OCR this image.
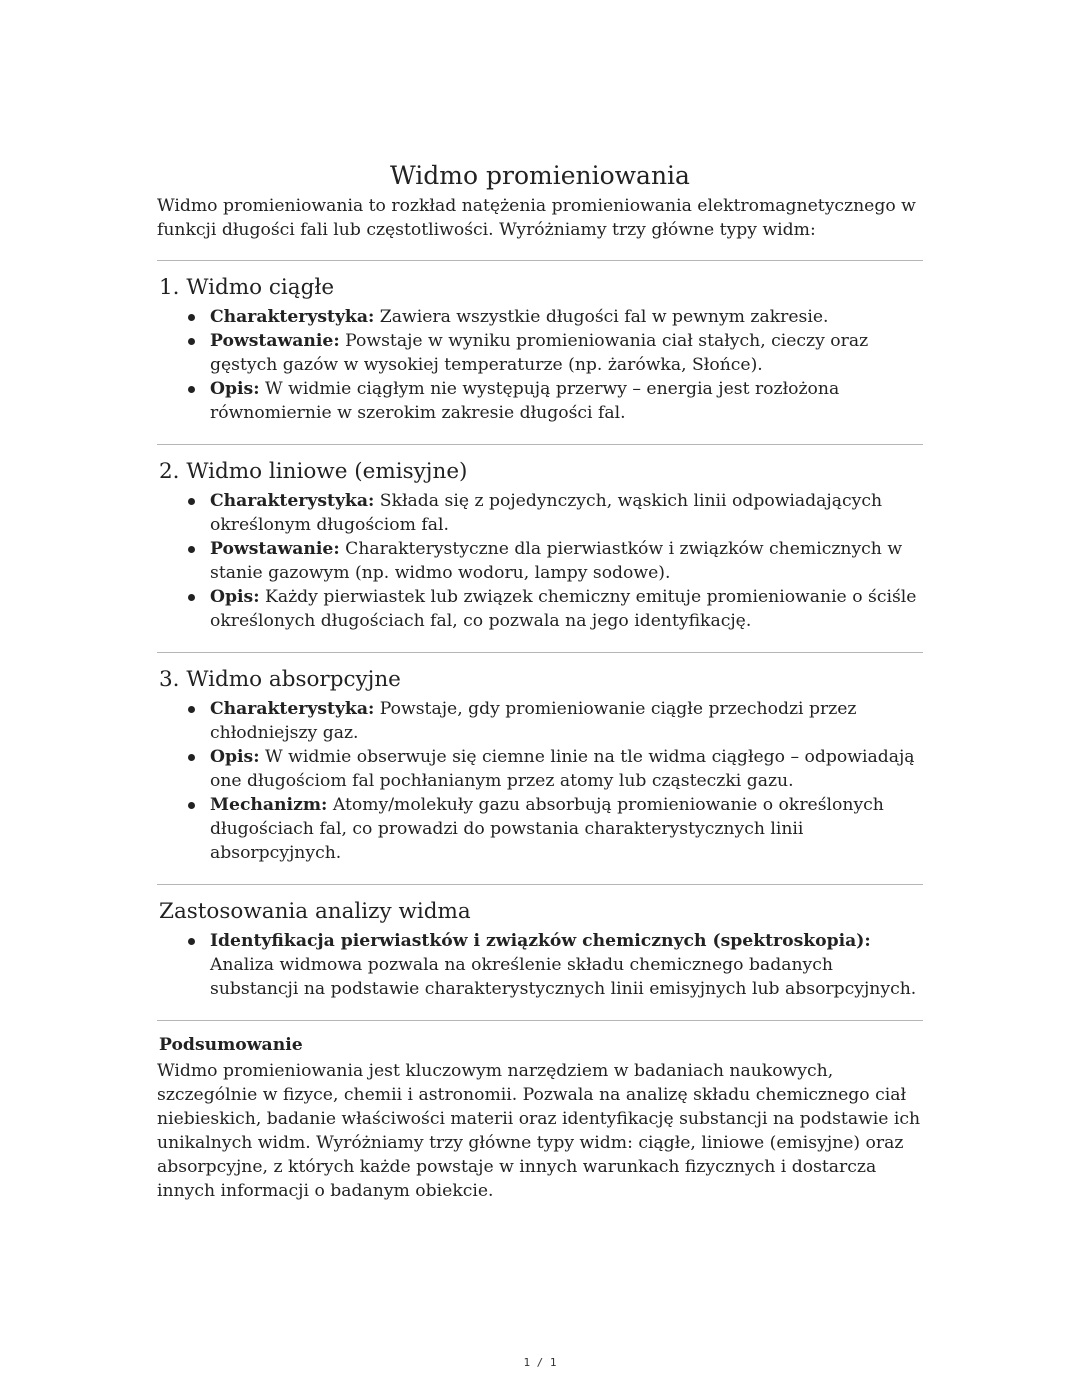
Widmo promieniowania

Widmo promieniowania to rozkład natężenia promieniowania elektromagnetycznego w funkcji długości fali lub częstotliwości. Wyróżniamy trzy główne typy widm:

1. Widmo ciągłe
Charakterystyka: Zawiera wszystkie długości fal w pewnym zakresie.
Powstawanie: Powstaje w wyniku promieniowania ciał stałych, cieczy oraz gęstych gazów w wysokiej temperaturze (np. żarówka, Słońce).
Opis: W widmie ciągłym nie występują przerwy – energia jest rozłożona równomiernie w szerokim zakresie długości fal.
2. Widmo liniowe (emisyjne)
Charakterystyka: Składa się z pojedynczych, wąskich linii odpowiadających określonym długościom fal.
Powstawanie: Charakterystyczne dla pierwiastków i związków chemicznych w stanie gazowym (np. widmo wodoru, lampy sodowe).
Opis: Każdy pierwiastek lub związek chemiczny emituje promieniowanie o ściśle określonych długościach fal, co pozwala na jego identyfikację.
3. Widmo absorpcyjne
Charakterystyka: Powstaje, gdy promieniowanie ciągłe przechodzi przez chłodniejszy gaz.
Opis: W widmie obserwuje się ciemne linie na tle widma ciągłego – odpowiadają one długościom fal pochłanianym przez atomy lub cząsteczki gazu.
Mechanizm: Atomy/molekuły gazu absorbują promieniowanie o określonych długościach fal, co prowadzi do powstania charakterystycznych linii absorpcyjnych.
Zastosowania analizy widma
Identyfikacja pierwiastków i związków chemicznych (spektroskopia): Analiza widmowa pozwala na określenie składu chemicznego badanych substancji na podstawie charakterystycznych linii emisyjnych lub absorpcyjnych.
Podsumowanie

Widmo promieniowania jest kluczowym narzędziem w badaniach naukowych, szczególnie w fizyce, chemii i astronomii. Pozwala na analizę składu chemicznego ciał niebieskich, badanie właściwości materii oraz identyfikację substancji na podstawie ich unikalnych widm. Wyróżniamy trzy główne typy widm: ciągłe, liniowe (emisyjne) oraz absorpcyjne, z których każde powstaje w innych warunkach fizycznych i dostarcza innych informacji o badanym obiekcie.

1 / 1
